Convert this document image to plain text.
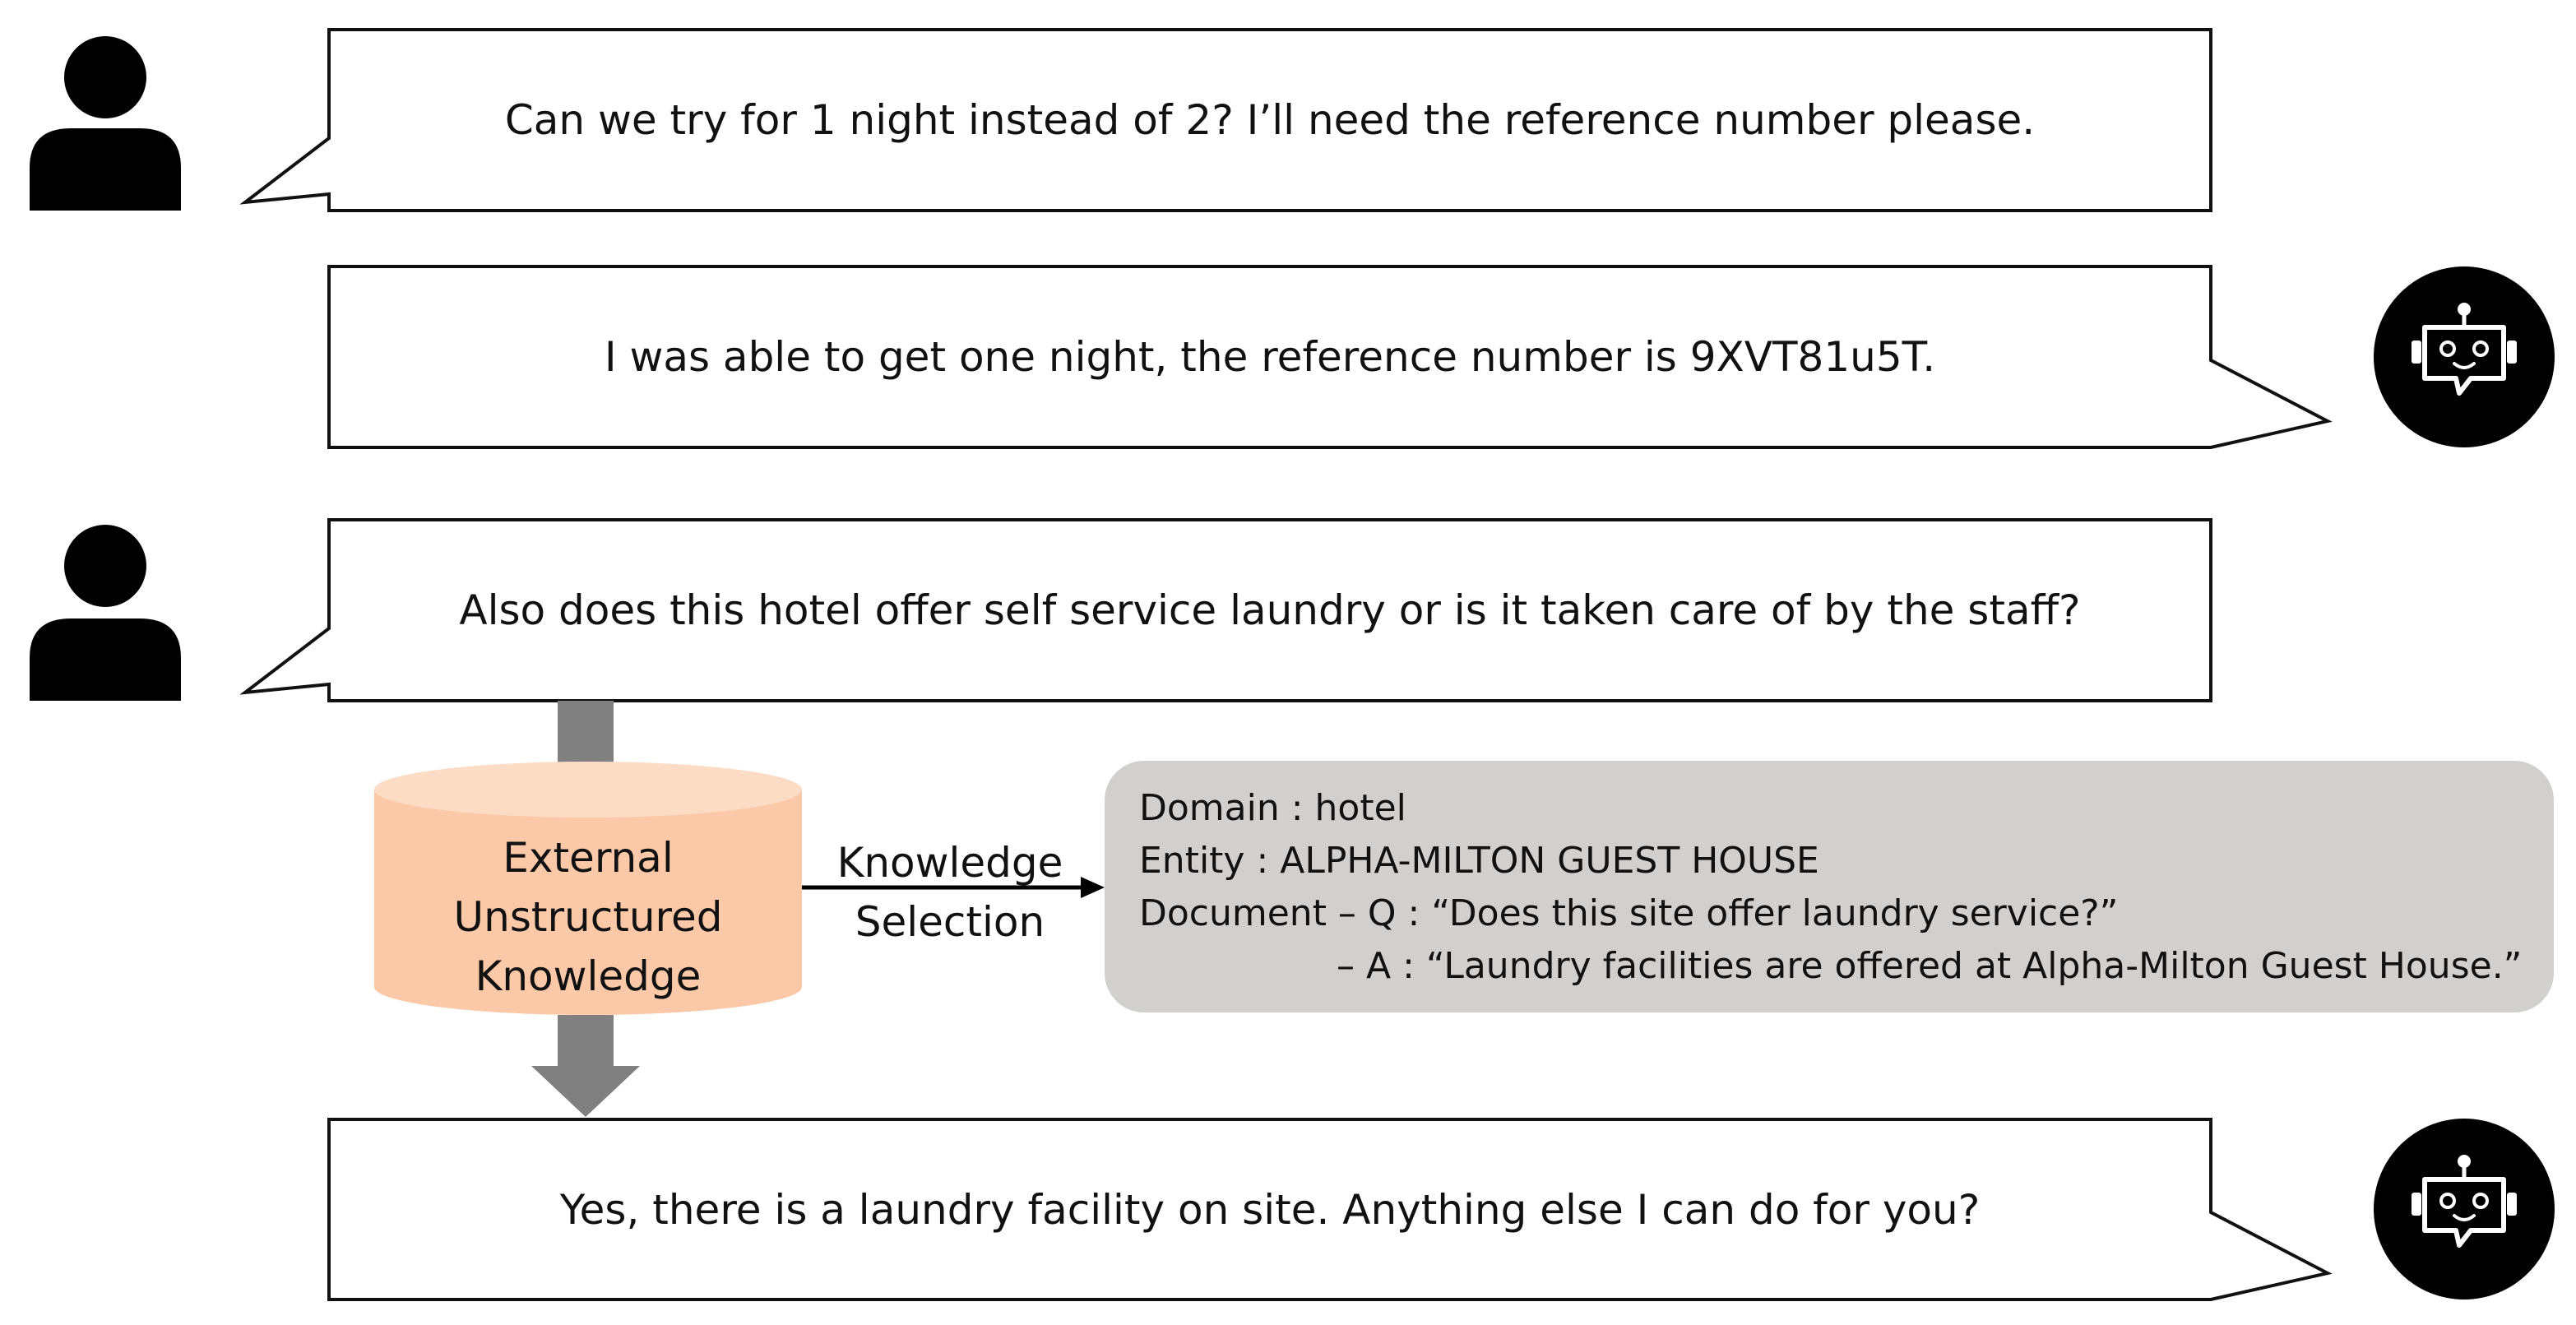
Can we try for 1 night instead of 2? I’ll need the reference number please.
I was able to get one night, the reference number is 9XVT81u5T.
Also does this hotel offer self service laundry or is it taken care of by the staff?
Yes, there is a laundry facility on site. Anything else I can do for you?
External
Unstructured
Knowledge
Knowledge
Selection
Domain : hotel
Entity : ALPHA-MILTON GUEST HOUSE
Document – Q : “Does this site offer laundry service?”
– A : “Laundry facilities are offered at Alpha-Milton Guest House.”
